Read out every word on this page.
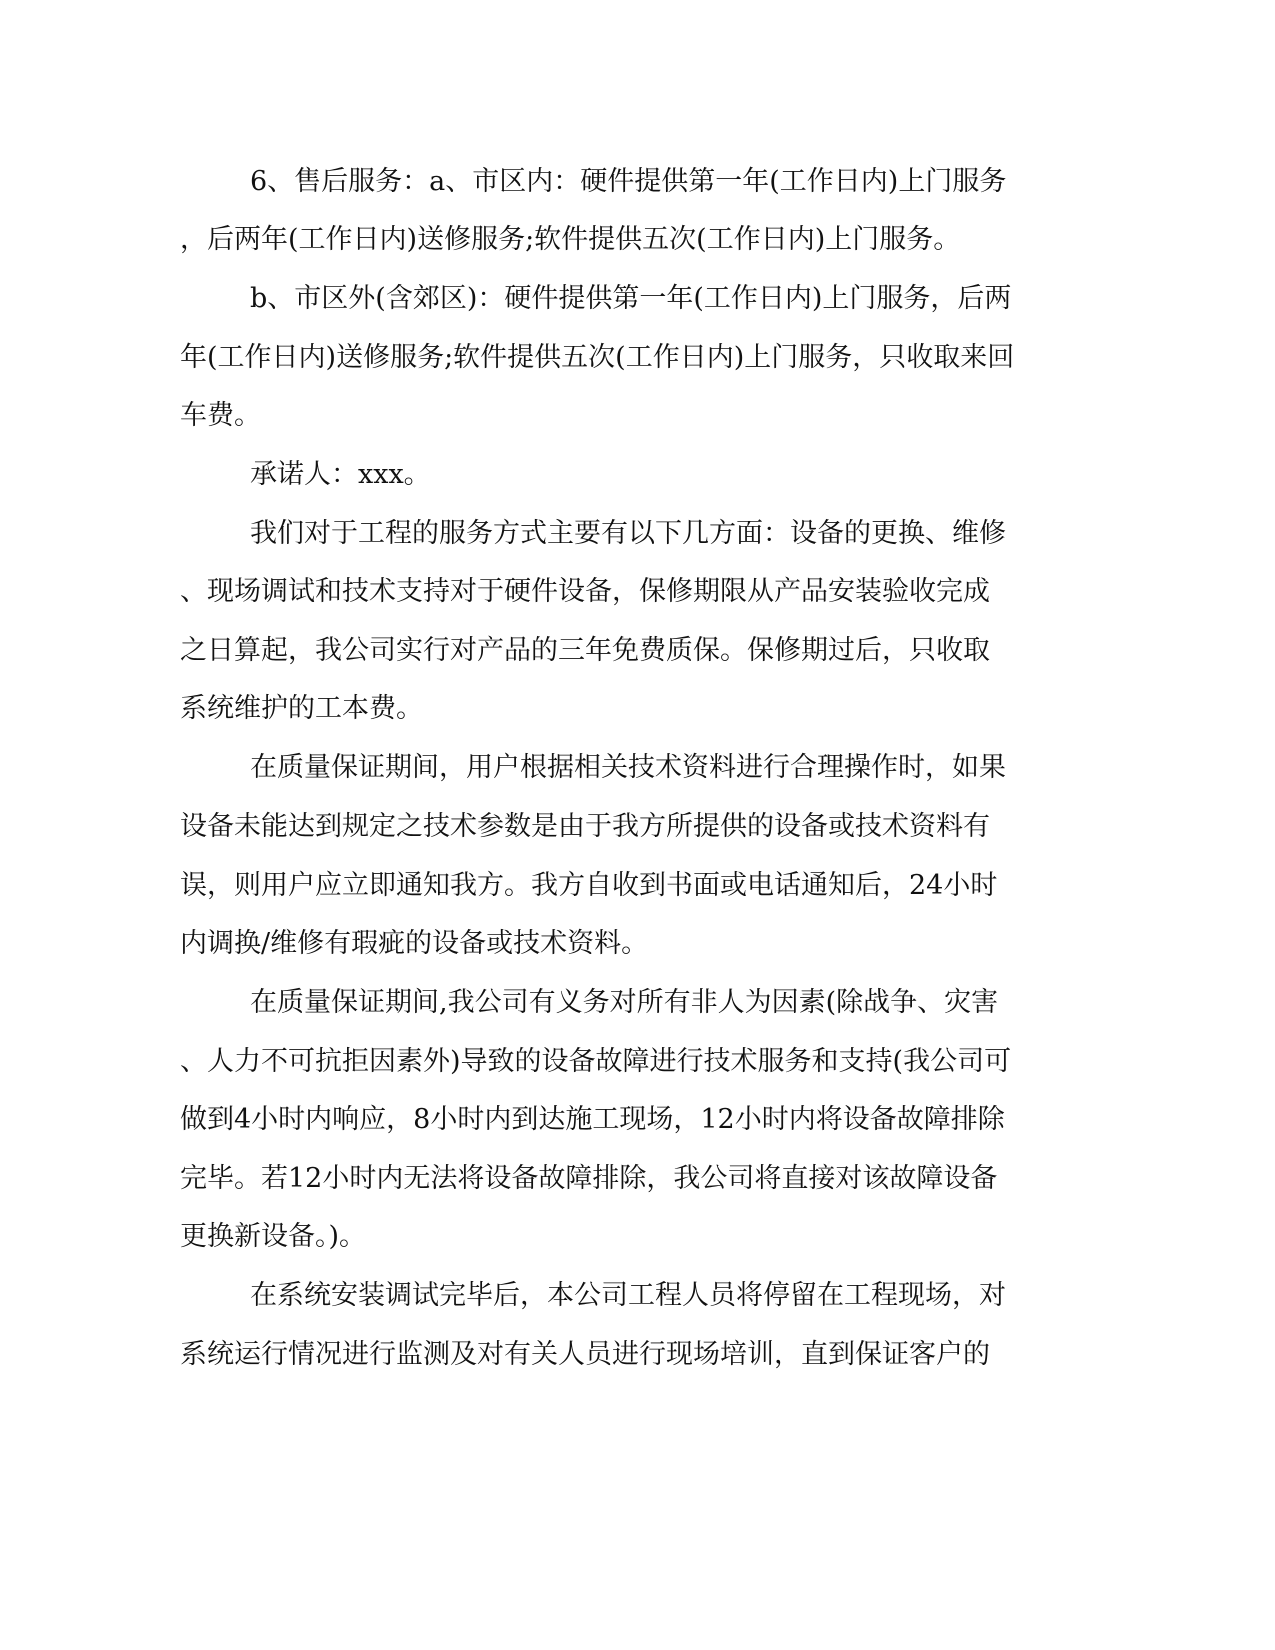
6、售后服务：a、市区内：硬件提供第一年(工作日内)上门服务
，后两年(工作日内)送修服务;软件提供五次(工作日内)上门服务。
b、市区外(含郊区)：硬件提供第一年(工作日内)上门服务，后两
年(工作日内)送修服务;软件提供五次(工作日内)上门服务，只收取来回
车费。
承诺人：xxx。
我们对于工程的服务方式主要有以下几方面：设备的更换、维修
、现场调试和技术支持对于硬件设备，保修期限从产品安装验收完成
之日算起，我公司实行对产品的三年免费质保。保修期过后，只收取
系统维护的工本费。
在质量保证期间，用户根据相关技术资料进行合理操作时，如果
设备未能达到规定之技术参数是由于我方所提供的设备或技术资料有
误，则用户应立即通知我方。我方自收到书面或电话通知后，24小时
内调换/维修有瑕疵的设备或技术资料。
在质量保证期间,我公司有义务对所有非人为因素(除战争、灾害
、人力不可抗拒因素外)导致的设备故障进行技术服务和支持(我公司可
做到4小时内响应，8小时内到达施工现场，12小时内将设备故障排除
完毕。若12小时内无法将设备故障排除，我公司将直接对该故障设备
更换新设备。)。
在系统安装调试完毕后，本公司工程人员将停留在工程现场，对
系统运行情况进行监测及对有关人员进行现场培训，直到保证客户的
